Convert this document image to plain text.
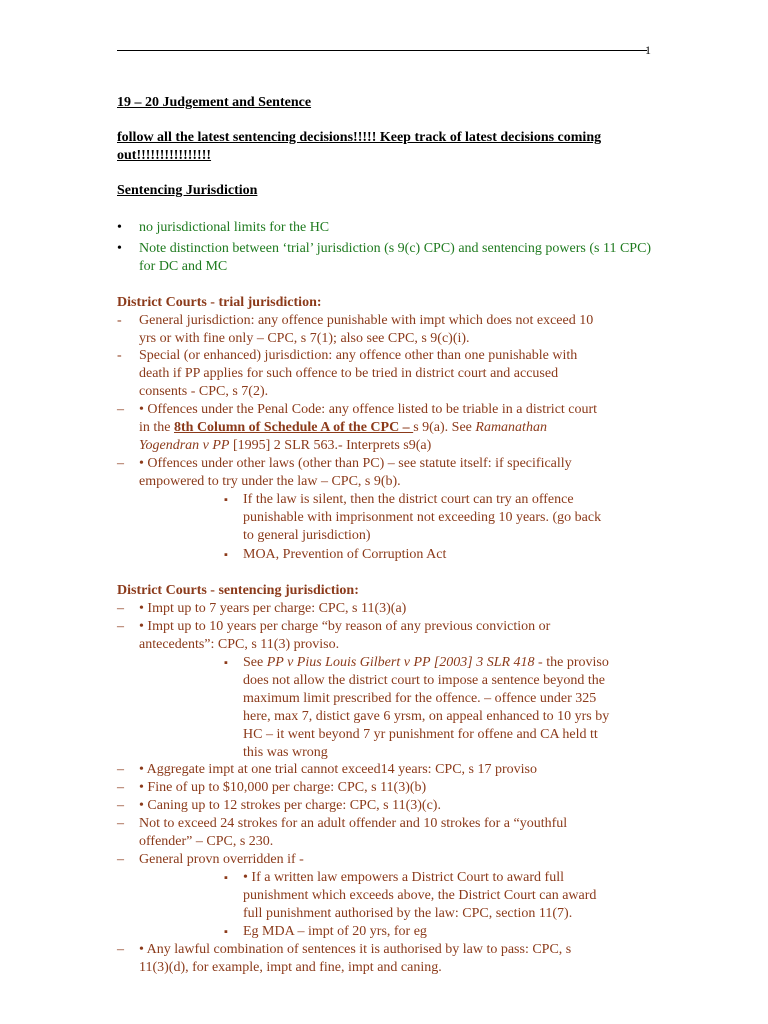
1
19 – 20 Judgement and Sentence
follow all the latest sentencing decisions!!!!! Keep track of latest decisions coming
out!!!!!!!!!!!!!!!!
Sentencing Jurisdiction
• no jurisdictional limits for the HC
• Note distinction between ‘trial’ jurisdiction (s 9(c) CPC) and sentencing powers (s 11 CPC)
for DC and MC
District Courts - trial jurisdiction:
- General jurisdiction: any offence punishable with impt which does not exceed 10
yrs or with fine only – CPC, s 7(1); also see CPC, s 9(c)(i).
- Special (or enhanced) jurisdiction: any offence other than one punishable with
death if PP applies for such offence to be tried in district court and accused
consents - CPC, s 7(2).
– • Offences under the Penal Code: any offence listed to be triable in a district court
in the 8th Column of Schedule A of the CPC – s 9(a). See Ramanathan
Yogendran v PP [1995] 2 SLR 563.- Interprets s9(a)
– • Offences under other laws (other than PC) – see statute itself: if specifically
empowered to try under the law – CPC, s 9(b).
▪ If the law is silent, then the district court can try an offence
punishable with imprisonment not exceeding 10 years. (go back
to general jurisdiction)
▪ MOA, Prevention of Corruption Act
District Courts - sentencing jurisdiction:
– • Impt up to 7 years per charge: CPC, s 11(3)(a)
– • Impt up to 10 years per charge “by reason of any previous conviction or
antecedents”: CPC, s 11(3) proviso.
▪ See PP v Pius Louis Gilbert v PP [2003] 3 SLR 418 - the proviso
does not allow the district court to impose a sentence beyond the
maximum limit prescribed for the offence. – offence under 325
here, max 7, distict gave 6 yrsm, on appeal enhanced to 10 yrs by
HC – it went beyond 7 yr punishment for offene and CA held tt
this was wrong
– • Aggregate impt at one trial cannot exceed14 years: CPC, s 17 proviso
– • Fine of up to $10,000 per charge: CPC, s 11(3)(b)
– • Caning up to 12 strokes per charge: CPC, s 11(3)(c).
– Not to exceed 24 strokes for an adult offender and 10 strokes for a “youthful
offender” – CPC, s 230.
– General provn overridden if -
▪ • If a written law empowers a District Court to award full
punishment which exceeds above, the District Court can award
full punishment authorised by the law: CPC, section 11(7).
▪ Eg MDA – impt of 20 yrs, for eg
– • Any lawful combination of sentences it is authorised by law to pass: CPC, s
11(3)(d), for example, impt and fine, impt and caning.
